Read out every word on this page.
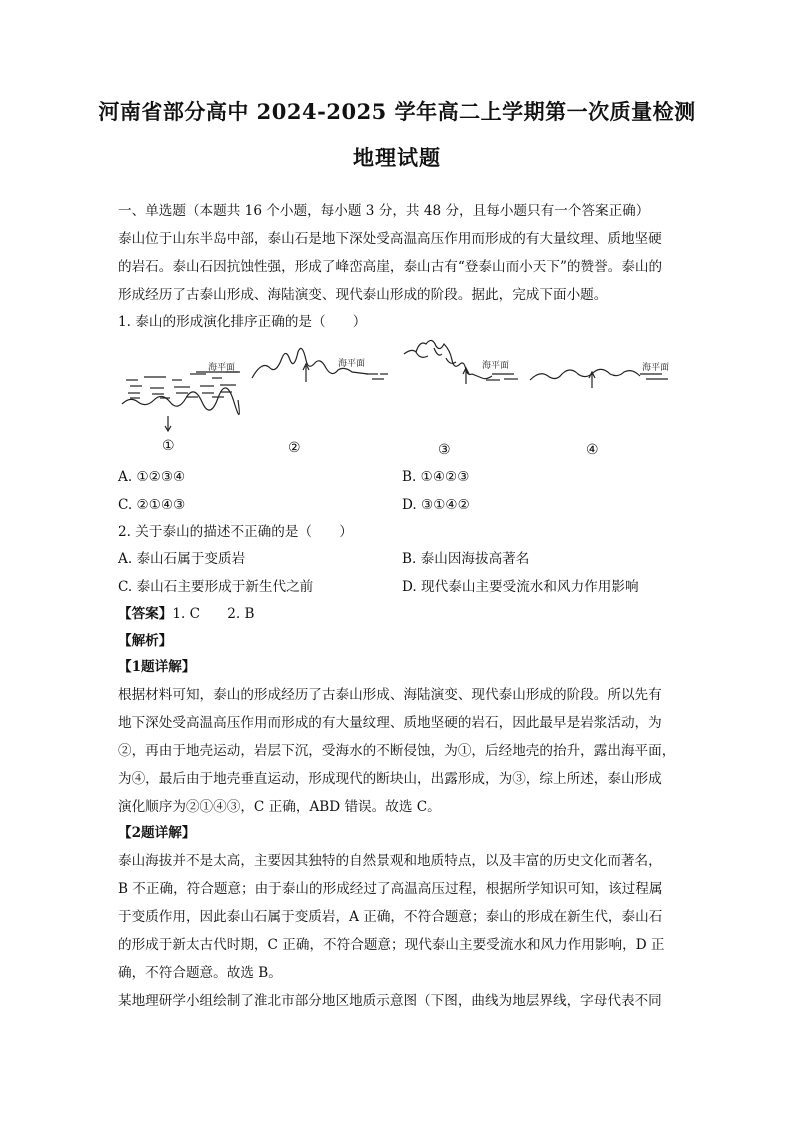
河南省部分高中 2024-2025 学年高二上学期第一次质量检测
地理试题
一、单选题（本题共 16 个小题，每小题 3 分，共 48 分，且每小题只有一个答案正确）
泰山位于山东半岛中部，泰山石是地下深处受高温高压作用而形成的有大量纹理、质地坚硬
的岩石。泰山石因抗蚀性强，形成了峰峦高崖，泰山古有“登泰山而小天下”的赞誉。泰山的
形成经历了古泰山形成、海陆演变、现代泰山形成的阶段。据此，完成下面小题。
1. 泰山的形成演化排序正确的是（　　）
海平面	海平面	海平面	海平面
①	②	③	④
A. ①②③④	B. ①④②③
C. ②①④③	D. ③①④②
2. 关于泰山的描述不正确的是（　　）
A. 泰山石属于变质岩	B. 泰山因海拔高著名
C. 泰山石主要形成于新生代之前	D. 现代泰山主要受流水和风力作用影响
【答案】1. C　　2. B
【解析】
【1题详解】
根据材料可知，泰山的形成经历了古泰山形成、海陆演变、现代泰山形成的阶段。所以先有
地下深处受高温高压作用而形成的有大量纹理、质地坚硬的岩石，因此最早是岩浆活动，为
②，再由于地壳运动，岩层下沉，受海水的不断侵蚀，为①，后经地壳的抬升，露出海平面，
为④，最后由于地壳垂直运动，形成现代的断块山，出露形成，为③，综上所述，泰山形成
演化顺序为②①④③，C 正确，ABD 错误。故选 C。
【2题详解】
泰山海拔并不是太高，主要因其独特的自然景观和地质特点，以及丰富的历史文化而著名，
B 不正确，符合题意；由于泰山的形成经过了高温高压过程，根据所学知识可知，该过程属
于变质作用，因此泰山石属于变质岩，A 正确，不符合题意；泰山的形成在新生代，泰山石
的形成于新太古代时期，C 正确，不符合题意；现代泰山主要受流水和风力作用影响，D 正
确，不符合题意。故选 B。
某地理研学小组绘制了淮北市部分地区地质示意图（下图，曲线为地层界线，字母代表不同
